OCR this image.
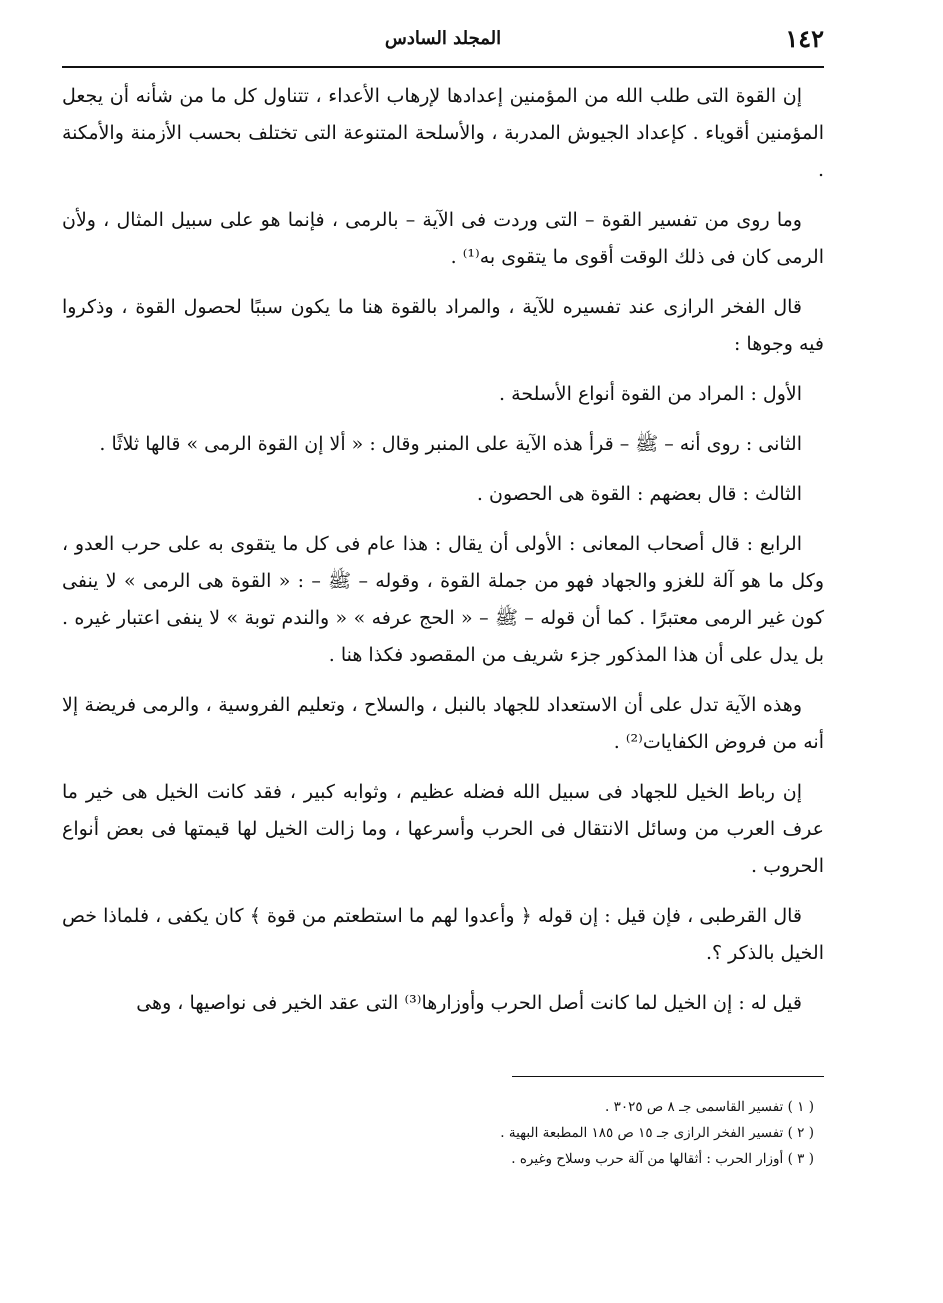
١٤٢
المجلد السادس

إن القوة التى طلب الله من المؤمنين إعدادها لإرهاب الأعداء ، تتناول كل ما من شأنه أن يجعل المؤمنين أقوياء . كإعداد الجيوش المدربة ، والأسلحة المتنوعة التى تختلف بحسب الأزمنة والأمكنة .

وما روى من تفسير القوة – التى وردت فى الآية – بالرمى ، فإنما هو على سبيل المثال ، ولأن الرمى كان فى ذلك الوقت أقوى ما يتقوى به⁽¹⁾ .

قال الفخر الرازى عند تفسيره للآية ، والمراد بالقوة هنا ما يكون سببًا لحصول القوة ، وذكروا فيه وجوها :

الأول : المراد من القوة أنواع الأسلحة .

الثانى : روى أنه – ﷺ – قرأ هذه الآية على المنبر وقال : « ألا إن القوة الرمى » قالها ثلاثًا .

الثالث : قال بعضهم : القوة هى الحصون .

الرابع : قال أصحاب المعانى : الأولى أن يقال : هذا عام فى كل ما يتقوى به على حرب العدو ، وكل ما هو آلة للغزو والجهاد فهو من جملة القوة ، وقوله – ﷺ – : « القوة هى الرمى » لا ينفى كون غير الرمى معتبرًا . كما أن قوله – ﷺ – « الحج عرفه » « والندم توبة » لا ينفى اعتبار غيره . بل يدل على أن هذا المذكور جزء شريف من المقصود فكذا هنا .

وهذه الآية تدل على أن الاستعداد للجهاد بالنبل ، والسلاح ، وتعليم الفروسية ، والرمى فريضة إلا أنه من فروض الكفايات⁽²⁾ .

إن رباط الخيل للجهاد فى سبيل الله فضله عظيم ، وثوابه كبير ، فقد كانت الخيل هى خير ما عرف العرب من وسائل الانتقال فى الحرب وأسرعها ، وما زالت الخيل لها قيمتها فى بعض أنواع الحروب .

قال القرطبى ، فإن قيل : إن قوله ﴿ وأعدوا لهم ما استطعتم من قوة ﴾ كان يكفى ، فلماذا خص الخيل بالذكر ؟.

قيل له : إن الخيل لما كانت أصل الحرب وأوزارها⁽³⁾ التى عقد الخير فى نواصيها ، وهى

( ١ ) تفسير القاسمى جـ ٨ ص ٣٠٢٥ .
( ٢ ) تفسير الفخر الرازى جـ ١٥ ص ١٨٥ المطبعة البهية .
( ٣ ) أوزار الحرب : أثقالها من آلة حرب وسلاح وغيره .
